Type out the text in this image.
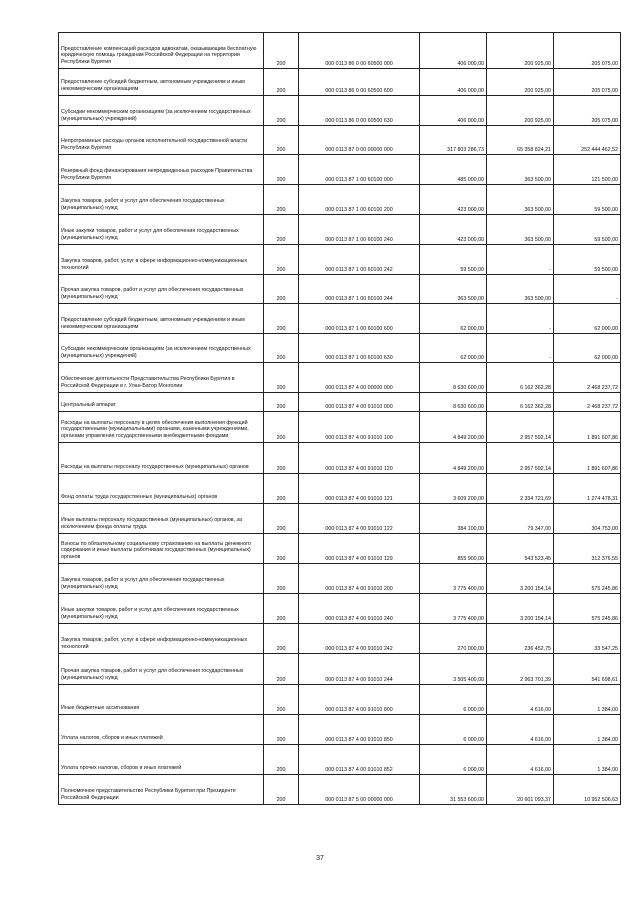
Предоставление компенсаций расходов адвокатам, оказывающим бесплатную юридическую помощь гражданам Российской Федерации на территории Республики Бурятия	200	000 0113 86 0 00 60500 000	406 000,00	200 925,00	205 075,00

Предоставление субсидий бюджетным, автономным учреждениям и иным некоммерческим организациям	200	000 0113 86 0 00 60500 600	406 000,00	200 925,00	205 075,00

Субсидии некоммерческим организациям (за исключением государственных (муниципальных) учреждений)	200	000 0113 86 0 00 60500 630	406 000,00	200 925,00	205 075,00

Непрограммные расходы органов исполнительной государственной власти Республики Бурятия	200	000 0113 87 0 00 00000 000	317 803 286,73	65 358 824,21	252 444 462,52

Резервный фонд финансирования непредвиденных расходов Правительства Республики Бурятия	200	000 0113 87 1 00 60100 000	485 000,00	363 500,00	121 500,00

Закупка товаров, работ и услуг для обеспечения государственных (муниципальных) нужд	200	000 0113 87 1 00 60100 200	423 000,00	363 500,00	59 500,00

Иные закупки товаров, работ и услуг для обеспечения государственных (муниципальных) нужд	200	000 0113 87 1 00 60100 240	423 000,00	363 500,00	59 500,00

Закупка товаров, работ, услуг в сфере информационно-коммуникационных технологий	200	000 0113 87 1 00 60100 242	59 500,00	-	59 500,00

Прочая закупка товаров, работ и услуг для обеспечения государственных (муниципальных) нужд	200	000 0113 87 1 00 60100 244	363 500,00	363 500,00	-

Предоставление субсидий бюджетным, автономным учреждениям и иным некоммерческим организациям	200	000 0113 87 1 00 60100 600	62 000,00	-	62 000,00

Субсидии некоммерческим организациям (за исключением государственных (муниципальных) учреждений)	200	000 0113 87 1 00 60100 630	62 000,00	-	62 000,00

Обеспечение деятельности Представительства Республики Бурятия в Российской Федерации в г. Улан-Батор Монголии	200	000 0113 87 4 00 00000 000	8 630 600,00	6 162 362,28	2 468 237,72

Центральный аппарат	200	000 0113 87 4 00 91010 000	8 630 600,00	6 162 362,28	2 468 237,72

Расходы на выплаты персоналу в целях обеспечения выполнения функций государственными (муниципальными) органами, казенными учреждениями, органами управления государственными внебюджетными фондами	200	000 0113 87 4 00 91010 100	4 849 200,00	2 957 592,14	1 891 607,86

Расходы на выплаты персоналу государственных (муниципальных) органов	200	000 0113 87 4 00 91010 120	4 849 200,00	2 957 592,14	1 891 607,86

Фонд оплаты труда государственных (муниципальных) органов	200	000 0113 87 4 00 91010 121	3 609 200,00	2 334 721,69	1 274 478,31

Иные выплаты персоналу государственных (муниципальных) органов, за исключением фонда оплаты труда	200	000 0113 87 4 00 91010 122	384 100,00	79 347,00	304 753,00

Взносы по обязательному социальному страхованию на выплаты денежного содержания и иные выплаты работникам государственных (муниципальных) органов	200	000 0113 87 4 00 91010 129	855 900,00	543 523,45	312 376,55

Закупка товаров, работ и услуг для обеспечения государственных (муниципальных) нужд	200	000 0113 87 4 00 91010 200	3 775 400,00	3 200 154,14	575 245,86

Иные закупки товаров, работ и услуг для обеспечения государственных (муниципальных) нужд	200	000 0113 87 4 00 91010 240	3 775 400,00	3 200 154,14	575 245,86

Закупка товаров, работ, услуг в сфере информационно-коммуникационных технологий	200	000 0113 87 4 00 91010 242	270 000,00	236 452,75	33 547,25

Прочая закупка товаров, работ и услуг для обеспечения государственных (муниципальных) нужд	200	000 0113 87 4 00 91010 244	3 505 400,00	2 963 701,39	541 698,61

Иные бюджетные ассигнования	200	000 0113 87 4 00 91010 800	6 000,00	4 616,00	1 384,00

Уплата налогов, сборов и иных платежей	200	000 0113 87 4 00 91010 850	6 000,00	4 616,00	1 384,00

Уплата прочих налогов, сборов и иных платежей	200	000 0113 87 4 00 91010 852	6 000,00	4 616,00	1 384,00

Полномочное представительство Республики Бурятия при Президенте Российской Федерации	200	000 0113 87 5 00 00000 000	31 553 600,00	20 601 093,37	10 952 506,63
37
